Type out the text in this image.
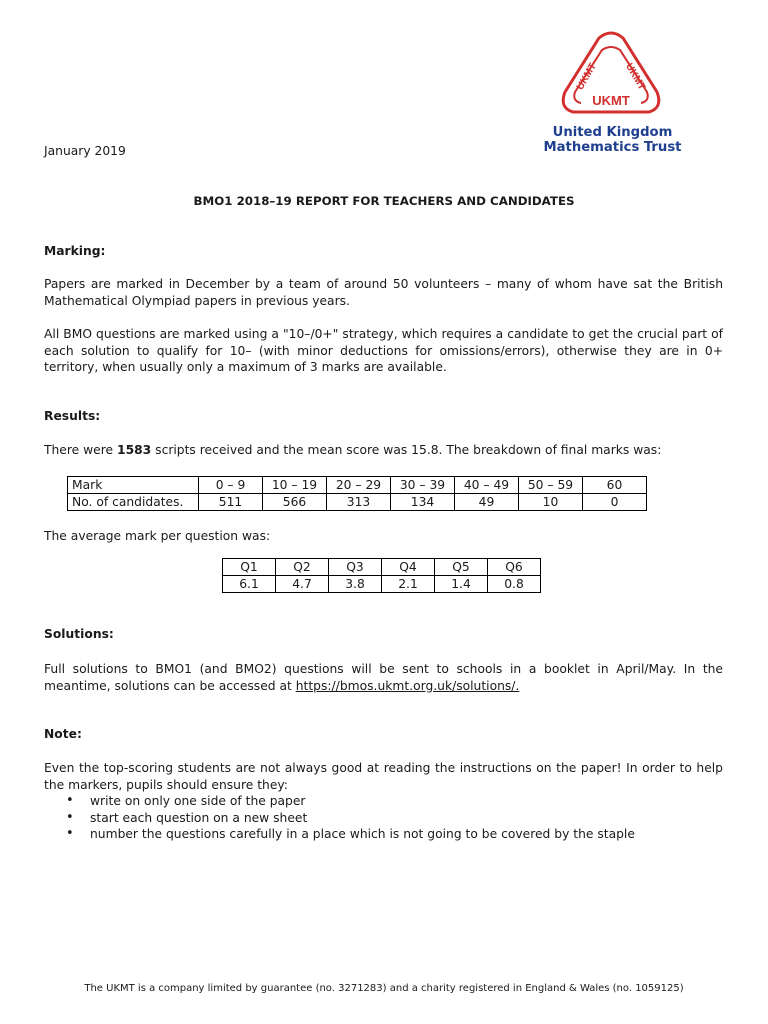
UKMT UKMT
UKMT
United Kingdom
Mathematics Trust
January 2019
BMO1 2018–19 REPORT FOR TEACHERS AND CANDIDATES
Marking:

Papers are marked in December by a team of around 50 volunteers – many of whom have sat the British Mathematical Olympiad papers in previous years.

All BMO questions are marked using a "10–/0+" strategy, which requires a candidate to get the crucial part of each solution to qualify for 10– (with minor deductions for omissions/errors), otherwise they are in 0+ territory, when usually only a maximum of 3 marks are available.

Results:

There were 1583 scripts received and the mean score was 15.8. The breakdown of final marks was:

Mark	0 – 9	10 – 19	20 – 29	30 – 39	40 – 49	50 – 59	60
No. of candidates.	511	566	313	134	49	10	0

The average mark per question was:

Q1	Q2	Q3	Q4	Q5	Q6
6.1	4.7	3.8	2.1	1.4	0.8
Solutions:

Full solutions to BMO1 (and BMO2) questions will be sent to schools in a booklet in April/May. In the meantime, solutions can be accessed at https://bmos.ukmt.org.uk/solutions/.

Note:

Even the top-scoring students are not always good at reading the instructions on the paper! In order to help the markers, pupils should ensure they:

• write on only one side of the paper
• start each question on a new sheet
• number the questions carefully in a place which is not going to be covered by the staple
The UKMT is a company limited by guarantee (no. 3271283) and a charity registered in England & Wales (no. 1059125)
